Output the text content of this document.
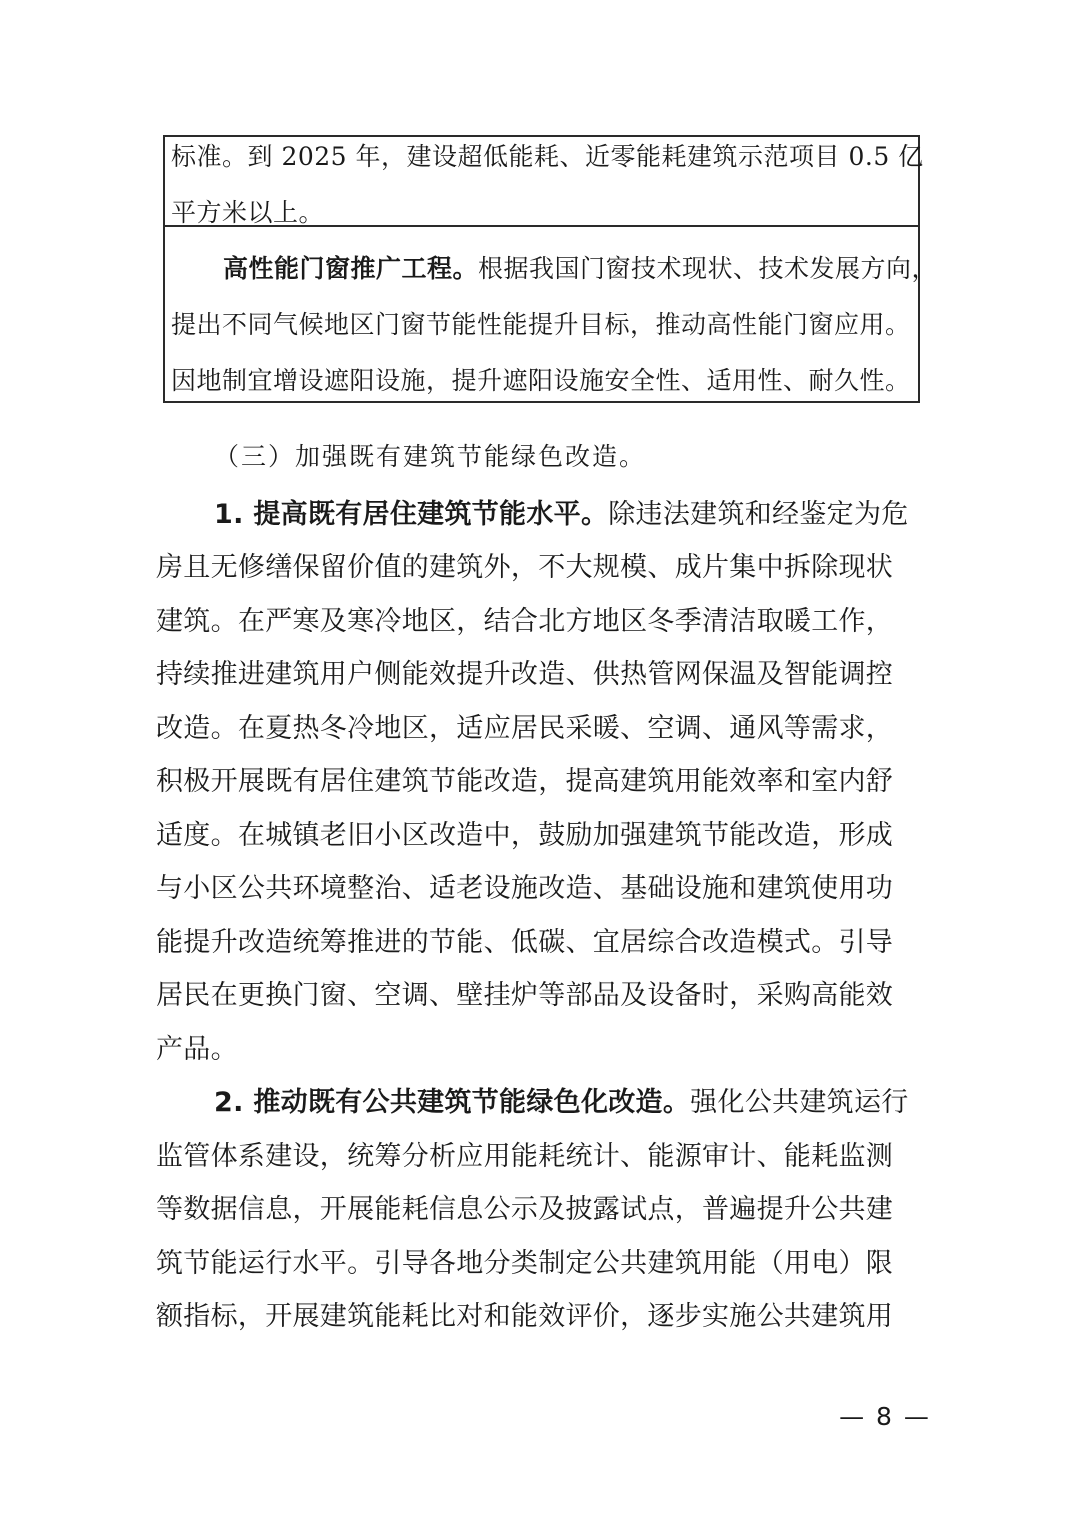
标准。到 2025 年，建设超低能耗、近零能耗建筑示范项目 0.5 亿
平方米以上。
高性能门窗推广工程。根据我国门窗技术现状、技术发展方向，
提出不同气候地区门窗节能性能提升目标，推动高性能门窗应用。
因地制宜增设遮阳设施，提升遮阳设施安全性、适用性、耐久性。
（三）加强既有建筑节能绿色改造。
1. 提高既有居住建筑节能水平。除违法建筑和经鉴定为危
房且无修缮保留价值的建筑外，不大规模、成片集中拆除现状
建筑。在严寒及寒冷地区，结合北方地区冬季清洁取暖工作，
持续推进建筑用户侧能效提升改造、供热管网保温及智能调控
改造。在夏热冬冷地区，适应居民采暖、空调、通风等需求，
积极开展既有居住建筑节能改造，提高建筑用能效率和室内舒
适度。在城镇老旧小区改造中，鼓励加强建筑节能改造，形成
与小区公共环境整治、适老设施改造、基础设施和建筑使用功
能提升改造统筹推进的节能、低碳、宜居综合改造模式。引导
居民在更换门窗、空调、壁挂炉等部品及设备时，采购高能效
产品。
2. 推动既有公共建筑节能绿色化改造。强化公共建筑运行
监管体系建设，统筹分析应用能耗统计、能源审计、能耗监测
等数据信息，开展能耗信息公示及披露试点，普遍提升公共建
筑节能运行水平。引导各地分类制定公共建筑用能（用电）限
额指标，开展建筑能耗比对和能效评价，逐步实施公共建筑用
— 8 —
